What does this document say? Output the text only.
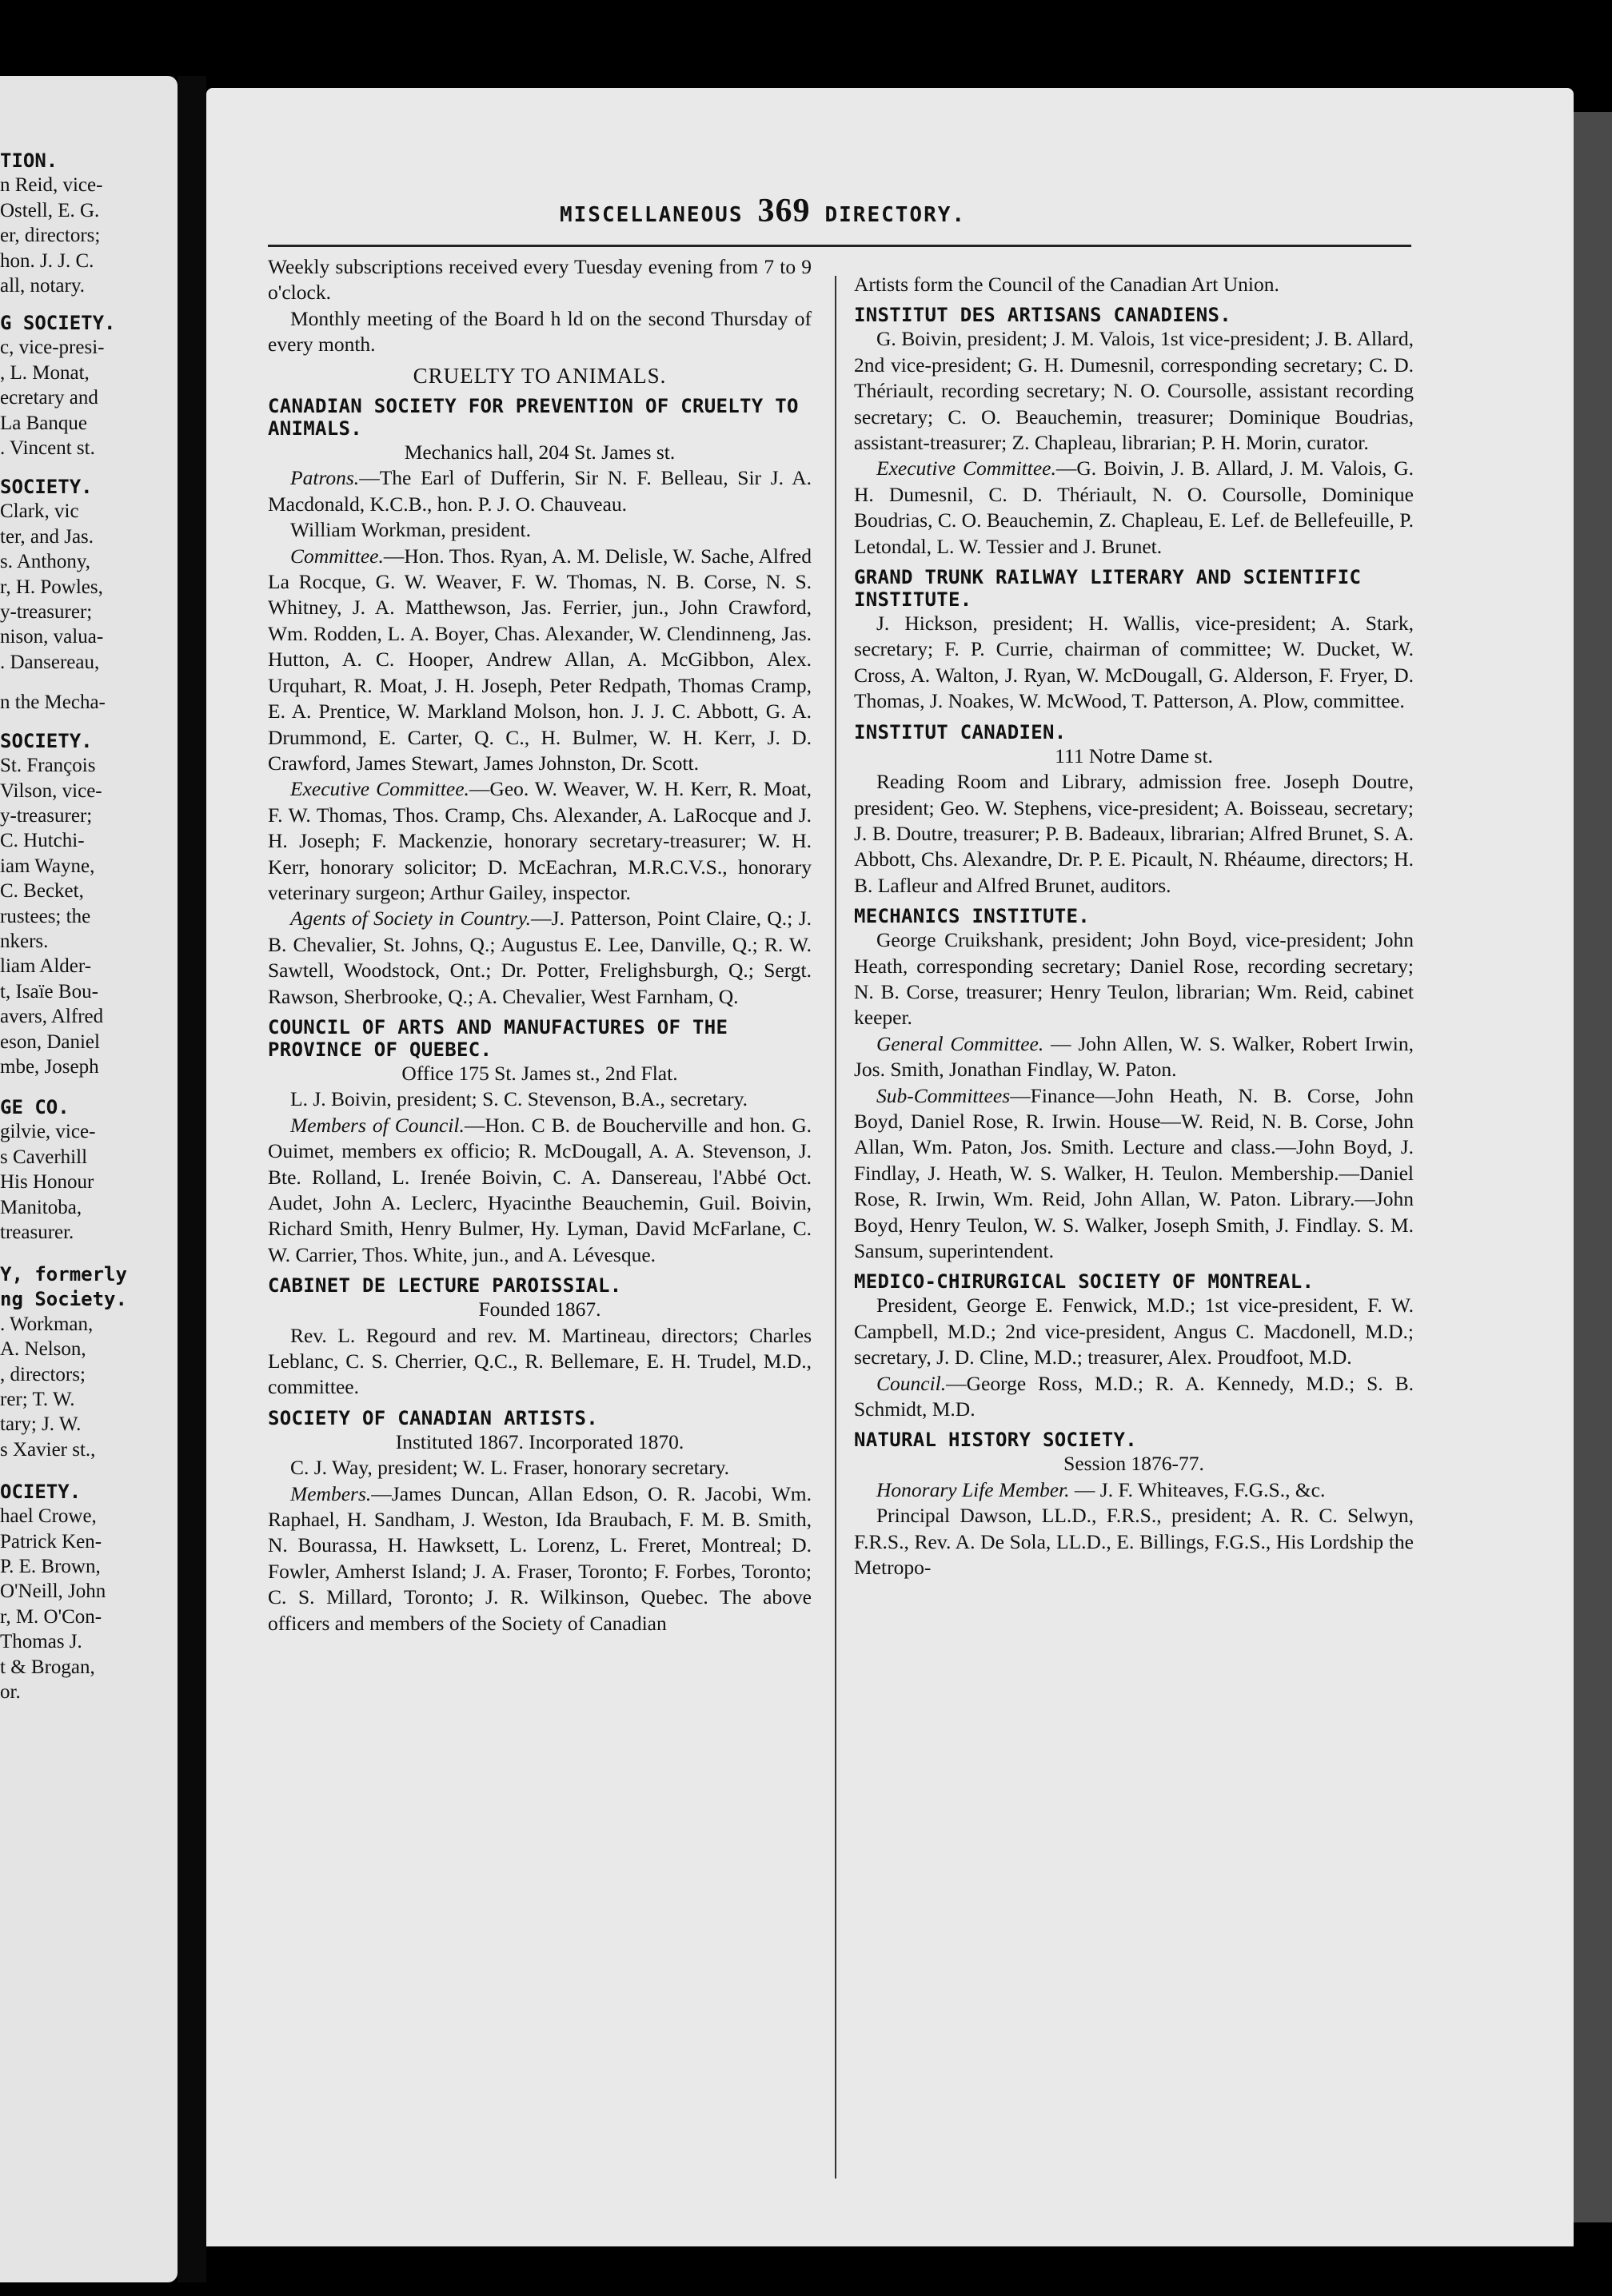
TION.
n Reid, vice-
Ostell, E. G.
er, directors;
hon. J. J. C.
all, notary.
G SOCIETY.
c, vice-presi-
, L. Monat,
ecretary and
La Banque
. Vincent st.
SOCIETY.
Clark, vic
ter, and Jas.
s. Anthony,
r, H. Powles,
y-treasurer;
nison, valua-
. Dansereau,
n the Mecha-
SOCIETY.
St. François
Vilson, vice-
y-treasurer;
C. Hutchi-
iam Wayne,
C. Becket,
rustees; the
nkers.
liam Alder-
t, Isaïe Bou-
avers, Alfred
eson, Daniel
mbe, Joseph
GE CO.
gilvie, vice-
s Caverhill
His Honour
Manitoba,
treasurer.
Y, formerly
ng Society.
. Workman,
A. Nelson,
, directors;
rer; T. W.
tary; J. W.
s Xavier st.,
OCIETY.
hael Crowe,
Patrick Ken-
P. E. Brown,
O'Neill, John
r, M. O'Con-
Thomas J.
t & Brogan,
or.
MISCELLANEOUS 369 DIRECTORY.

Weekly subscriptions received every Tuesday evening from 7 to 9 o'clock.

Monthly meeting of the Board h ld on the second Thursday of every month.

CRUELTY TO ANIMALS.

CANADIAN SOCIETY FOR PREVENTION OF CRUELTY TO ANIMALS.

Mechanics hall, 204 St. James st.

Patrons.—The Earl of Dufferin, Sir N. F. Belleau, Sir J. A. Macdonald, K.C.B., hon. P. J. O. Chauveau.

William Workman, president.

Committee.—Hon. Thos. Ryan, A. M. Delisle, W. Sache, Alfred La Rocque, G. W. Weaver, F. W. Thomas, N. B. Corse, N. S. Whitney, J. A. Matthewson, Jas. Ferrier, jun., John Crawford, Wm. Rodden, L. A. Boyer, Chas. Alexander, W. Clendinneng, Jas. Hutton, A. C. Hooper, Andrew Allan, A. McGibbon, Alex. Urquhart, R. Moat, J. H. Joseph, Peter Redpath, Thomas Cramp, E. A. Prentice, W. Markland Molson, hon. J. J. C. Abbott, G. A. Drummond, E. Carter, Q. C., H. Bulmer, W. H. Kerr, J. D. Crawford, James Stewart, James Johnston, Dr. Scott.

Executive Committee.—Geo. W. Weaver, W. H. Kerr, R. Moat, F. W. Thomas, Thos. Cramp, Chs. Alexander, A. LaRocque and J. H. Joseph; F. Mackenzie, honorary secretary-treasurer; W. H. Kerr, honorary solicitor; D. McEachran, M.R.C.V.S., honorary veterinary surgeon; Arthur Gailey, inspector.

Agents of Society in Country.—J. Patterson, Point Claire, Q.; J. B. Chevalier, St. Johns, Q.; Augustus E. Lee, Danville, Q.; R. W. Sawtell, Woodstock, Ont.; Dr. Potter, Frelighsburgh, Q.; Sergt. Rawson, Sherbrooke, Q.; A. Chevalier, West Farnham, Q.

COUNCIL OF ARTS AND MANUFACTURES OF THE PROVINCE OF QUEBEC.

Office 175 St. James st., 2nd Flat.

L. J. Boivin, president; S. C. Stevenson, B.A., secretary.

Members of Council.—Hon. C B. de Boucherville and hon. G. Ouimet, members ex officio; R. McDougall, A. A. Stevenson, J. Bte. Rolland, L. Irenée Boivin, C. A. Dansereau, l'Abbé Oct. Audet, John A. Leclerc, Hyacinthe Beauchemin, Guil. Boivin, Richard Smith, Henry Bulmer, Hy. Lyman, David McFarlane, C. W. Carrier, Thos. White, jun., and A. Lévesque.

CABINET DE LECTURE PAROISSIAL.

Founded 1867.

Rev. L. Regourd and rev. M. Martineau, directors; Charles Leblanc, C. S. Cherrier, Q.C., R. Bellemare, E. H. Trudel, M.D., committee.

SOCIETY OF CANADIAN ARTISTS.

Instituted 1867. Incorporated 1870.

C. J. Way, president; W. L. Fraser, honorary secretary.

Members.—James Duncan, Allan Edson, O. R. Jacobi, Wm. Raphael, H. Sandham, J. Weston, Ida Braubach, F. M. B. Smith, N. Bourassa, H. Hawksett, L. Lorenz, L. Freret, Montreal; D. Fowler, Amherst Island; J. A. Fraser, Toronto; F. Forbes, Toronto; C. S. Millard, Toronto; J. R. Wilkinson, Quebec. The above officers and members of the Society of Canadian

Artists form the Council of the Canadian Art Union.

INSTITUT DES ARTISANS CANADIENS.

G. Boivin, president; J. M. Valois, 1st vice-president; J. B. Allard, 2nd vice-president; G. H. Dumesnil, corresponding secretary; C. D. Thériault, recording secretary; N. O. Coursolle, assistant recording secretary; C. O. Beauchemin, treasurer; Dominique Boudrias, assistant-treasurer; Z. Chapleau, librarian; P. H. Morin, curator.

Executive Committee.—G. Boivin, J. B. Allard, J. M. Valois, G. H. Dumesnil, C. D. Thériault, N. O. Coursolle, Dominique Boudrias, C. O. Beauchemin, Z. Chapleau, E. Lef. de Bellefeuille, P. Letondal, L. W. Tessier and J. Brunet.

GRAND TRUNK RAILWAY LITERARY AND SCIENTIFIC INSTITUTE.

J. Hickson, president; H. Wallis, vice-president; A. Stark, secretary; F. P. Currie, chairman of committee; W. Ducket, W. Cross, A. Walton, J. Ryan, W. McDougall, G. Alderson, F. Fryer, D. Thomas, J. Noakes, W. McWood, T. Patterson, A. Plow, committee.

INSTITUT CANADIEN.

111 Notre Dame st.

Reading Room and Library, admission free. Joseph Doutre, president; Geo. W. Stephens, vice-president; A. Boisseau, secretary; J. B. Doutre, treasurer; P. B. Badeaux, librarian; Alfred Brunet, S. A. Abbott, Chs. Alexandre, Dr. P. E. Picault, N. Rhéaume, directors; H. B. Lafleur and Alfred Brunet, auditors.

MECHANICS INSTITUTE.

George Cruikshank, president; John Boyd, vice-president; John Heath, corresponding secretary; Daniel Rose, recording secretary; N. B. Corse, treasurer; Henry Teulon, librarian; Wm. Reid, cabinet keeper.

General Committee. — John Allen, W. S. Walker, Robert Irwin, Jos. Smith, Jonathan Findlay, W. Paton.

Sub-Committees—Finance—John Heath, N. B. Corse, John Boyd, Daniel Rose, R. Irwin. House—W. Reid, N. B. Corse, John Allan, Wm. Paton, Jos. Smith. Lecture and class.—John Boyd, J. Findlay, J. Heath, W. S. Walker, H. Teulon. Membership.—Daniel Rose, R. Irwin, Wm. Reid, John Allan, W. Paton. Library.—John Boyd, Henry Teulon, W. S. Walker, Joseph Smith, J. Findlay. S. M. Sansum, superintendent.

MEDICO-CHIRURGICAL SOCIETY OF MONTREAL.

President, George E. Fenwick, M.D.; 1st vice-president, F. W. Campbell, M.D.; 2nd vice-president, Angus C. Macdonell, M.D.; secretary, J. D. Cline, M.D.; treasurer, Alex. Proudfoot, M.D.

Council.—George Ross, M.D.; R. A. Kennedy, M.D.; S. B. Schmidt, M.D.

NATURAL HISTORY SOCIETY.

Session 1876-77.

Honorary Life Member. — J. F. Whiteaves, F.G.S., &c.

Principal Dawson, LL.D., F.R.S., president; A. R. C. Selwyn, F.R.S., Rev. A. De Sola, LL.D., E. Billings, F.G.S., His Lordship the Metropo-
